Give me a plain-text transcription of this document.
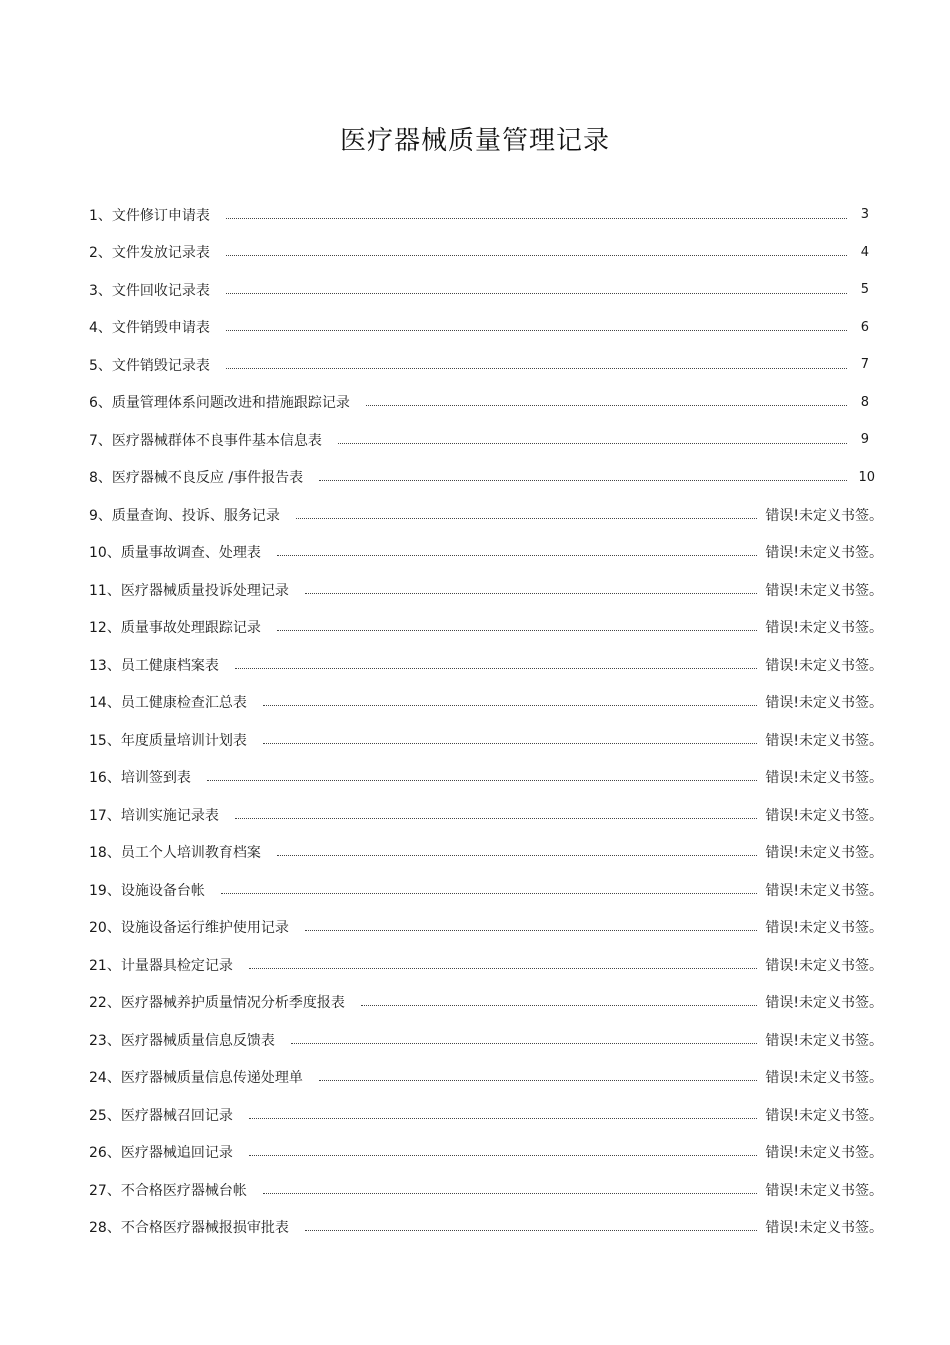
医疗器械质量管理记录
1、 文件修订申请表	3
2、 文件发放记录表	4
3、 文件回收记录表	5
4、 文件销毁申请表	6
5、 文件销毁记录表	7
6、 质量管理体系问题改进和措施跟踪记录	8
7、 医疗器械群体不良事件基本信息表	9
8、 医疗器械不良反应 /事件报告表	10
9、 质量查询、投诉、服务记录	错误!未定义书签。
10、 质量事故调查、处理表	错误!未定义书签。
11、 医疗器械质量投诉处理记录	错误!未定义书签。
12、 质量事故处理跟踪记录	错误!未定义书签。
13、 员工健康档案表	错误!未定义书签。
14、 员工健康检查汇总表	错误!未定义书签。
15、 年度质量培训计划表	错误!未定义书签。
16、 培训签到表	错误!未定义书签。
17、 培训实施记录表	错误!未定义书签。
18、 员工个人培训教育档案	错误!未定义书签。
19、 设施设备台帐	错误!未定义书签。
20、 设施设备运行维护使用记录	错误!未定义书签。
21、 计量器具检定记录	错误!未定义书签。
22、 医疗器械养护质量情况分析季度报表	错误!未定义书签。
23、 医疗器械质量信息反馈表	错误!未定义书签。
24、 医疗器械质量信息传递处理单	错误!未定义书签。
25、 医疗器械召回记录	错误!未定义书签。
26、 医疗器械追回记录	错误!未定义书签。
27、 不合格医疗器械台帐	错误!未定义书签。
28、 不合格医疗器械报损审批表	错误!未定义书签。
